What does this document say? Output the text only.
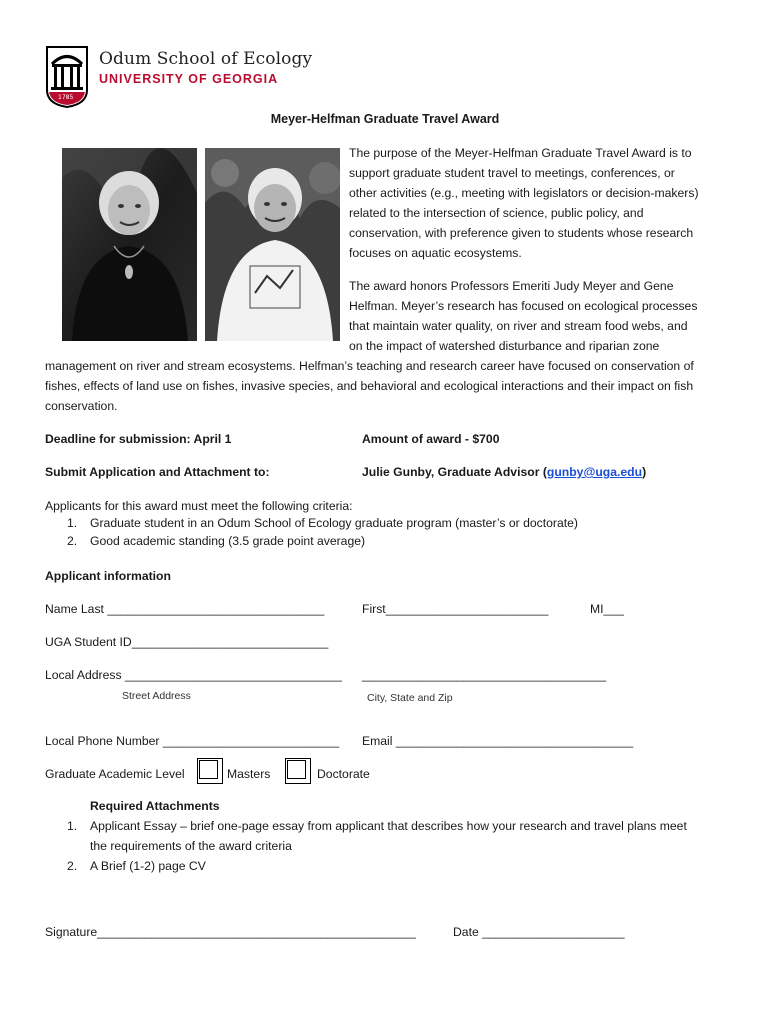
1785
Odum School of Ecology
UNIVERSITY OF GEORGIA
Meyer-Helfman Graduate Travel Award
The purpose of the Meyer-Helfman Graduate Travel Award is to
support graduate student travel to meetings, conferences, or
other activities (e.g., meeting with legislators or decision-makers)
related to the intersection of science, public policy, and
conservation, with preference given to students whose research
focuses on aquatic ecosystems.
The award honors Professors Emeriti Judy Meyer and Gene
Helfman. Meyer’s research has focused on ecological processes
that maintain water quality, on river and stream food webs, and
on the impact of watershed disturbance and riparian zone
management on river and stream ecosystems. Helfman’s teaching and research career have focused on conservation of
fishes, effects of land use on fishes, invasive species, and behavioral and ecological interactions and their impact on fish
conservation.
Deadline for submission: April 1	Amount of award - $700
Submit Application and Attachment to:	Julie Gunby, Graduate Advisor (gunby@uga.edu)
Applicants for this award must meet the following criteria:
1. Graduate student in an Odum School of Ecology graduate program (master’s or doctorate)
2. Good academic standing (3.5 grade point average)
Applicant information
Name Last ________________________________	First________________________	MI___
UGA Student ID_____________________________
Local Address ________________________________ ____________________________________
Street Address	City, State and Zip
Local Phone Number __________________________ Email ___________________________________
Graduate Academic Level	Masters	Doctorate
Required Attachments
1. Applicant Essay – brief one-page essay from applicant that describes how your research and travel plans meet
the requirements of the award criteria
2. A Brief (1-2) page CV
Signature_______________________________________________	Date _____________________
